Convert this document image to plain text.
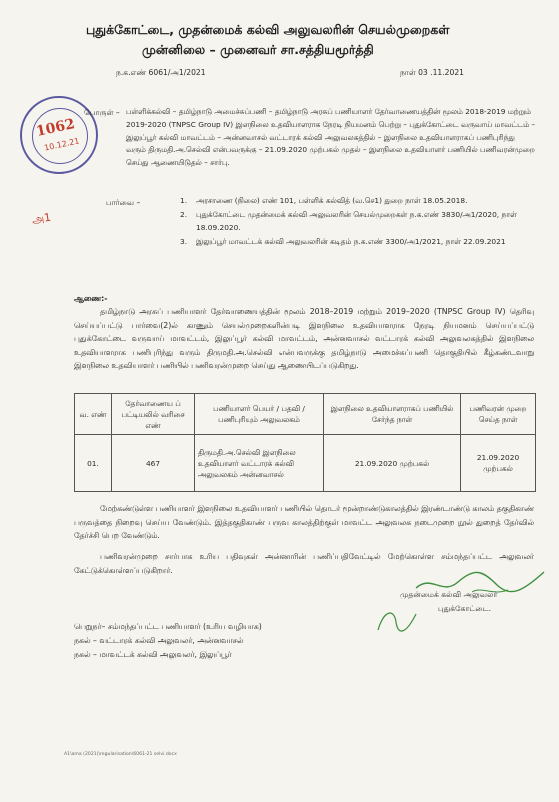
புதுக்கோட்டை, முதன்மைக் கல்வி அலுவலரின் செயல்முறைகள்
முன்னிலை – முனைவர் சா.சத்தியமூர்த்தி
ந.க.எண் 6061/அ1/2021	நாள் 03 .11.2021
1062
10.12.21
பொருள் – பள்ளிக்கல்வி – தமிழ்நாடு அமைச்சுப்பணி – தமிழ்நாடு அரசுப் பணியாளர் தேர்வாணையத்தின் மூலம் 2018-2019 மற்றும் 2019-2020 (TNPSC Group IV) இளநிலை உதவியாளராக நேரடி நியமனம் பெற்று – புதுக்கோட்டை வருவாய் மாவட்டம் – இலுப்பூர் கல்வி மாவட்டம் – அன்னவாசல் வட்டாரக் கல்வி அலுவலகத்தில் – இளநிலை உதவியாளராகப் பணிபுரிந்து வரும் திருமதி.அ.செல்வி என்பவருக்கு – 21.09.2020 முற்பகல் முதல் – இளநிலை உதவியாளர் பணியில் பணிவரன்முறை செய்து ஆணையிடுதல் – சார்பு.
அ1
பார்வை –	1.	அரசாணை (நிலை) எண் 101, பள்ளிக் கல்வித் (வ.செ1) துறை நாள் 18.05.2018.
2.	புதுக்கோட்டை முதன்மைக் கல்வி அலுவலரின் செயல்முறைகள் ந.க.எண் 3830/அ1/2020, நாள் 18.09.2020.
3.	இலுப்பூர் மாவட்டக் கல்வி அலுவலரின் கடிதம் ந.க.எண் 3300/அ1/2021, நாள் 22.09.2021
ஆணை:-
தமிழ்நாடு அரசுப் பணியாளர் தேர்வாணையத்தின் மூலம் 2018–2019 மற்றும் 2019–2020 (TNPSC Group IV) தெரிவு செய்யப்பட்டு பார்வை(2)ல் காணும் செயல்முறைகளின்படி இளநிலை உதவியாளராக நேரடி நியமனம் செய்யப்பட்டு புதுக்கோட்டை வருவாய் மாவட்டம், இலுப்பூர் கல்வி மாவட்டம், அன்னவாசல் வட்டாரக் கல்வி அலுவலகத்தில் இளநிலை உதவியாளராக பணிபுரிந்து வரும் திருமதி.அ.செல்வி என்பவருக்கு தமிழ்நாடு அமைச்சுப்பணி தொகுதியில் கீழ்கண்டவாறு இளநிலை உதவியாளர் பணியில் பணிவரன்முறை செய்து ஆணையிடப்படுகிறது.
வ. எண்	தேர்வாணைய ப் பட்டியலில் வரிசை எண்	பணியாளர் பெயர் / பதவி / பணிபுரியும் அலுவலகம்	இளநிலை உதவியாளராகப் பணியில் சேர்ந்த நாள்	பணிவரன் முறை செய்த நாள்
01.	467	திருமதி.அ.செல்வி இளநிலை உதவியாளர் வட்டாரக் கல்வி அலுவலகம் அன்னவாசல்	21.09.2020 முற்பகல்	21.09.2020 முற்பகல்
மேற்கண்டுள்ள பணியாளர் இளநிலை உதவியாளர் பணியில் தொடர் மூன்றாண்டுகாலத்தில் இரண்டாண்டு காலம் தகுதிகாண் பருவத்தை நிறைவு செய்ய வேண்டும். இத்தகுதிகாண் பருவ காலத்திற்குள் மாவட்ட அலுவலக நடைமுறை நூல் துறைத் தேர்வில் தேர்ச்சி பெற வேண்டும்.
பணிவரன்முறை சார்பாக உரிய பதிவுகள் அன்னாரின் பணிப்பதிவேட்டில் மேற்கொள்ள சம்மந்தப்பட்ட அலுவலர் கேட்டுக்கொள்ளப்படுகிறார்.
முதன்மைக் கல்வி அலுவலர்
புதுக்கோட்டை.
பெறுநர்– சம்மந்தப்பட்ட பணியாளர் (உரிய வழியாக)
நகல் – வட்டாரக் கல்வி அலுவலர், அன்னவாசல்
நகல் – மாவட்டக் கல்வி அலுவலர், இலுப்பூர்
A1\ama (2021)\regularisation\6061-21 selvi.docx
